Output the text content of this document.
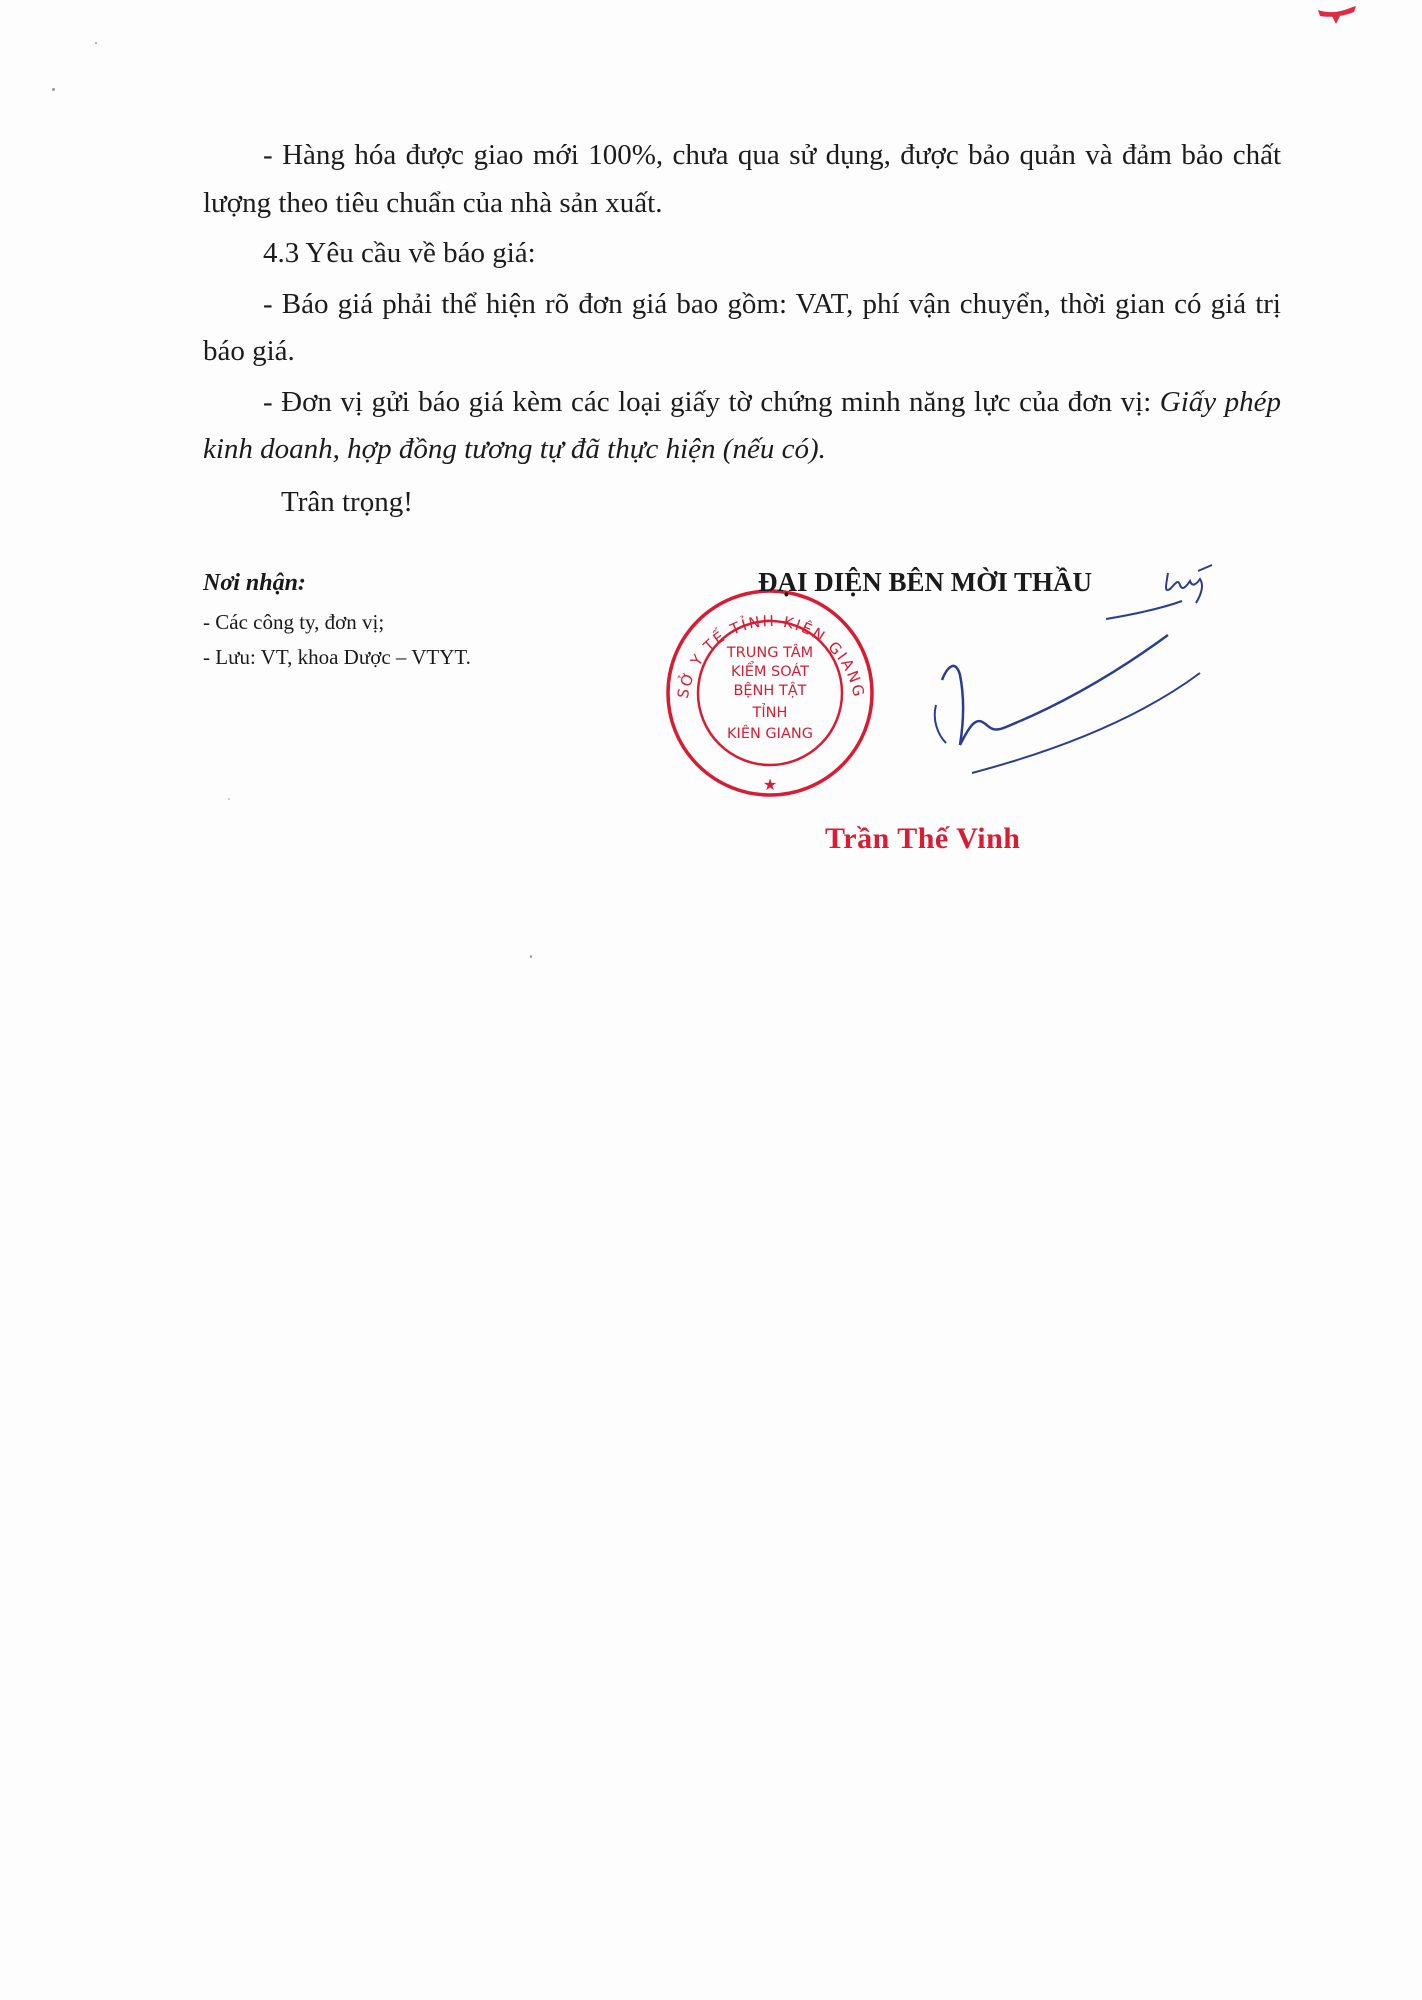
- Hàng hóa được giao mới 100%, chưa qua sử dụng, được bảo quản và đảm bảo chất lượng theo tiêu chuẩn của nhà sản xuất.

4.3 Yêu cầu về báo giá:

- Báo giá phải thể hiện rõ đơn giá bao gồm: VAT, phí vận chuyển, thời gian có giá trị báo giá.

- Đơn vị gửi báo giá kèm các loại giấy tờ chứng minh năng lực của đơn vị: Giấy phép kinh doanh, hợp đồng tương tự đã thực hiện (nếu có).

Trân trọng!

Nơi nhận:

- Các công ty, đơn vị;

- Lưu: VT, khoa Dược – VTYT.

SỞ Y TẾ TỈNH KIÊN GIANG
TRUNG TÂM
KIỂM SOÁT
BỆNH TẬT
TỈNH
KIÊN GIANG
★
ĐẠI DIỆN BÊN MỜI THẦU
Trần Thế Vinh
